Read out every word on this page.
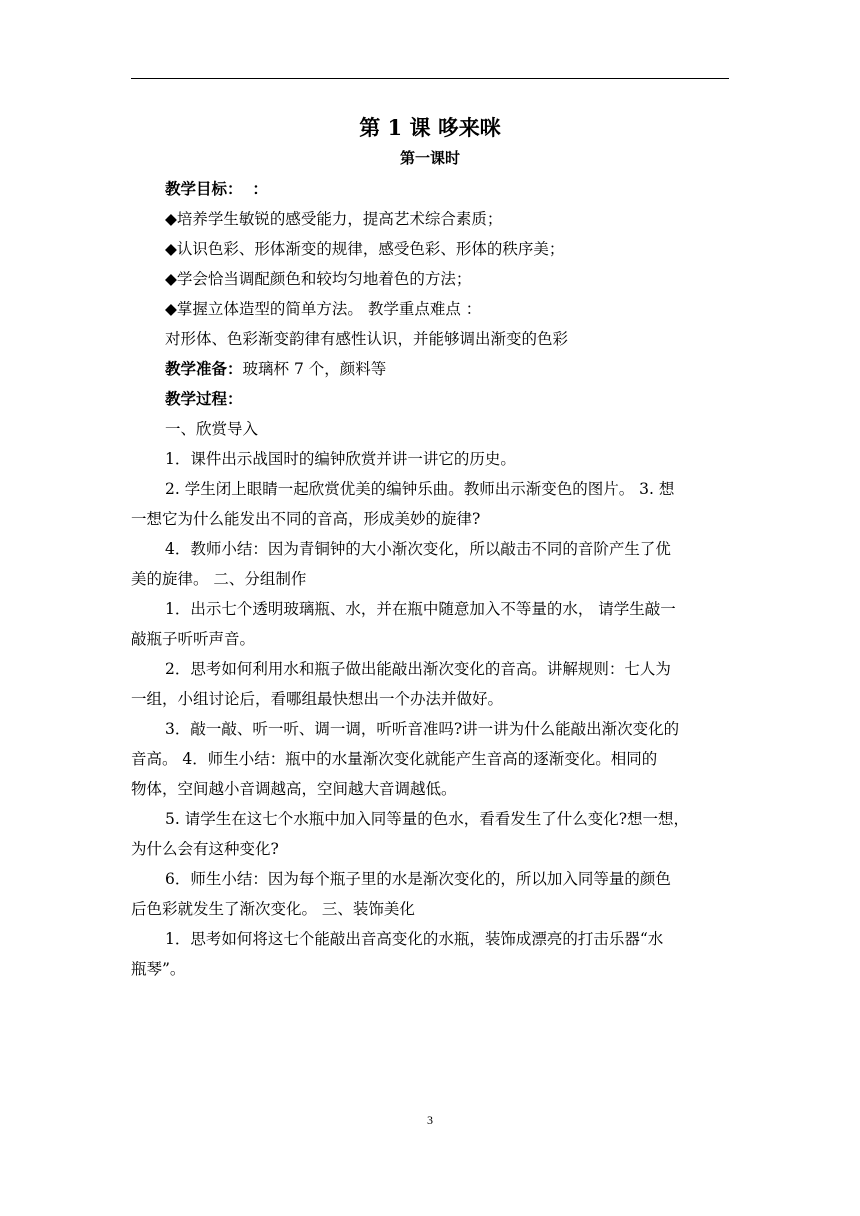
第 1 课 哆来咪
第一课时
教学目标： ：
◆培养学生敏锐的感受能力，提高艺术综合素质；
◆认识色彩、形体渐变的规律，感受色彩、形体的秩序美；
◆学会恰当调配颜色和较均匀地着色的方法；
◆掌握立体造型的简单方法。 教学重点难点 ：
对形体、色彩渐变韵律有感性认识，并能够调出渐变的色彩
教学准备：玻璃杯 7 个，颜料等
教学过程：
一、欣赏导入
1．课件出示战国时的编钟欣赏并讲一讲它的历史。
2. 学生闭上眼睛一起欣赏优美的编钟乐曲。教师出示渐变色的图片。 3. 想
一想它为什么能发出不同的音高，形成美妙的旋律?
4．教师小结：因为青铜钟的大小渐次变化，所以敲击不同的音阶产生了优
美的旋律。 二、分组制作
1．出示七个透明玻璃瓶、水，并在瓶中随意加入不等量的水， 请学生敲一
敲瓶子听听声音。
2．思考如何利用水和瓶子做出能敲出渐次变化的音高。讲解规则：七人为
一组，小组讨论后，看哪组最快想出一个办法并做好。
3．敲一敲、听一听、调一调，听听音准吗?讲一讲为什么能敲出渐次变化的
音高。 4．师生小结：瓶中的水量渐次变化就能产生音高的逐渐变化。相同的
物体，空间越小音调越高，空间越大音调越低。
5. 请学生在这七个水瓶中加入同等量的色水，看看发生了什么变化?想一想，
为什么会有这种变化?
6．师生小结：因为每个瓶子里的水是渐次变化的，所以加入同等量的颜色
后色彩就发生了渐次变化。 三、装饰美化
1．思考如何将这七个能敲出音高变化的水瓶，装饰成漂亮的打击乐器“水
瓶琴”。
3
